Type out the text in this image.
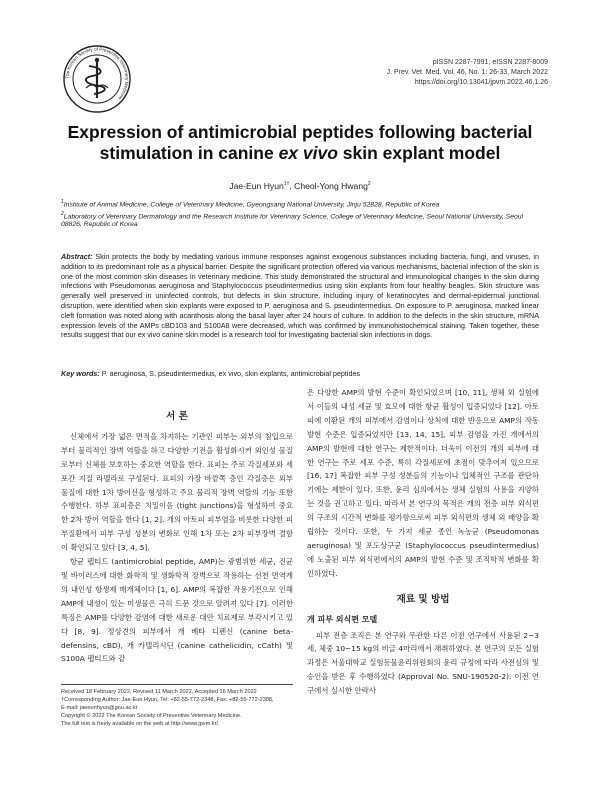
The Korean Society of Preventive Veterinary Medicine
pISSN 2287-7991, eISSN 2287-8009
J. Prev. Vet. Med. Vol. 46, No. 1: 26-33, March 2022
https://doi.org/10.13041/jpvm.2022.46.1.26
Expression of antimicrobial peptides following bacterial
stimulation in canine ex vivo skin explant model
Jae-Eun Hyun$^{1\dagger}$, Cheol-Yong Hwang$^2$
$^1$Institute of Animal Medicine, College of Veterinary Medicine, Gyeongsang National University, Jinju 52828, Republic of Korea
$^2$Laboratory of Veterinary Dermatology and the Research Institute for Veterinary Science, College of Veterinary Medicine, Seoul National University, Seoul 08826, Republic of Korea
Abstract: Skin protects the body by mediating various immune responses against exogenous substances including bacteria, fungi, and viruses, in addition to its predominant role as a physical barrier. Despite the significant protection offered via various mechanisms, bacterial infection of the skin is one of the most common skin diseases in veterinary medicine. This study demonstrated the structural and immunological changes in the skin during infections with Pseudomonas aeruginosa and Staphylococcus pseudintermedius using skin explants from four healthy beagles. Skin structure was generally well preserved in uninfected controls, but defects in skin structure, including injury of keratinocytes and dermal-epidermal junctional disruption, were identified when skin explants were exposed to P. aeruginosa and S. pseudintermedius. On exposure to P. aeruginosa, marked linear cleft formation was noted along with acanthosis along the basal layer after 24 hours of culture. In addition to the defects in the skin structure, mRNA expression levels of the AMPs cBD103 and S100A8 were decreased, which was confirmed by immunohistochemical staining. Taken together, these results suggest that our ex vivo canine skin model is a research tool for investigating bacterial skin infections in dogs.
Key words: P. aeruginosa, S. pseudintermedius, ex vivo, skin explants, antimicrobial peptides
서 론

신체에서 가장 넓은 면적을 차지하는 기관인 피부는 외부의 침입으로부터 물리적인 장벽 역할을 하고 다양한 기전을 활성화시켜 외인성 물질로부터 신체를 보호하는 중요한 역할을 한다. 표피는 주로 각질세포와 세포간 지질 라멜라로 구성된다. 표피의 가장 바깥쪽 층인 각질층은 외부 물질에 대한 1차 방어선을 형성하고 주요 물리적 장벽 역할의 기능 또한 수행한다. 하부 표피층은 치밀이음 (tight junctions)을 형성하여 중요한 2차 방어 역할을 한다 [1, 2]. 개의 아토피 피부염을 비롯한 다양한 피부질환에서 피부 구성 성분의 변화로 인해 1차 또는 2차 피부장벽 결함이 확인되고 있다 [3, 4, 5].

항균 펩티드 (antimicrobial peptide, AMP)는 광범위한 세균, 진균 및 바이러스에 대한 화학적 및 생화학적 장벽으로 작용하는 선천 면역계의 내인성 항생제 매개체이다 [1, 6]. AMP의 복잡한 작용기전으로 인해 AMP에 내성이 있는 미생물은 극히 드문 것으로 알려져 있다 [7]. 이러한 특징은 AMP를 다양한 감염에 대한 새로운 대안 치료제로 부각시키고 있다 [8, 9]. 정상견의 피부에서 개 베타 디펜신 (canine beta-defensins, cBD), 개 카텔리시딘 (canine cathelicidin, cCath) 및 S100A 펩티드와 같

은 다양한 AMP의 발현 수준이 확인되었으며 [10, 11], 생체 외 실험에서 이들의 내성 세균 및 효모에 대한 항균 활성이 입증되었다 [12]. 아토피에 이환된 개의 피부에서 감염이나 상처에 대한 반응으로 AMP의 작동 발현 수준은 입증되었지만 [13, 14, 15], 피부 감염을 가진 개에서의 AMP의 발현에 대한 연구는 제한적이다. 더욱이 이전의 개의 피부에 대한 연구는 주로 세포 수준, 특히 각질세포에 초점이 맞추어져 있으므로 [16, 17] 복잡한 피부 구성 성분들의 기능이나 입체적인 구조를 판단하기에는 제한이 있다. 또한, 윤리 심의에서는 생체 실험의 사용을 지양하는 것을 권고하고 있다. 따라서 본 연구의 목적은 개의 전층 피부 외식편의 구조의 시간적 변화를 평가함으로써 피부 외식편의 생체 외 배양을 확립하는 것이다. 또한, 두 가지 세균 종인 녹농균 (Pseudomonas aeruginosa) 및 포도상구균 (Staphylococcus pseudintermedius)에 노출된 피부 외식편에서의 AMP의 발현 수준 및 조직학적 변화를 확인하였다.

재료 및 방법
개 피부 외식편 모델

피부 전층 조직은 본 연구와 무관한 다른 이전 연구에서 사용된 2~3세, 체중 10~15 kg의 비글 4마리에서 채취하였다. 본 연구의 모든 실험 과정은 서울대학교 실험동물윤리위원회의 윤리 규정에 따라 사전심의 및 승인을 받은 후 수행하였다 (Approval No. SNU-190520-2). 이전 연구에서 실시한 안락사

Received 18 February 2022, Revised 11 March 2022, Accepted 16 March 2022
†Corresponding Author: Jae-Eun Hyun, Tel: +82-55-772-2348, Fax: +82-55-772-2308,
E-mail: jaeeunhyun@gnu.ac.kr
Copyright © 2022 The Korean Society of Preventive Veterinary Medicine.
The full text is freely available on the web at http://www.jpvm.kr/.
